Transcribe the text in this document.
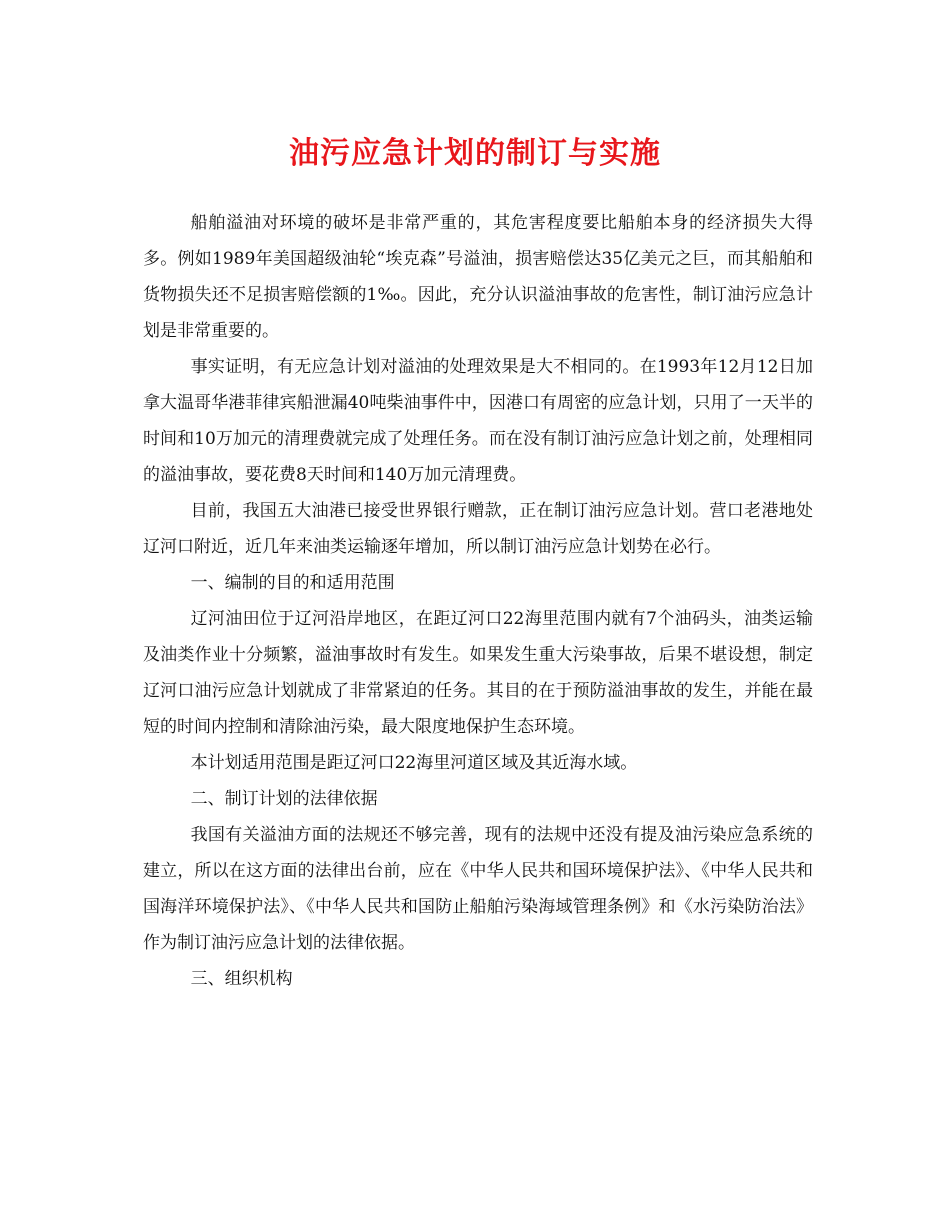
油污应急计划的制订与实施

船舶溢油对环境的破坏是非常严重的，其危害程度要比船舶本身的经济损失大得多。例如1989年美国超级油轮“埃克森”号溢油，损害赔偿达35亿美元之巨，而其船舶和货物损失还不足损害赔偿额的1‰。因此，充分认识溢油事故的危害性，制订油污应急计划是非常重要的。

事实证明，有无应急计划对溢油的处理效果是大不相同的。在1993年12月12日加拿大温哥华港菲律宾船泄漏40吨柴油事件中，因港口有周密的应急计划，只用了一天半的时间和10万加元的清理费就完成了处理任务。而在没有制订油污应急计划之前，处理相同的溢油事故，要花费8天时间和140万加元清理费。

目前，我国五大油港已接受世界银行赠款，正在制订油污应急计划。营口老港地处辽河口附近，近几年来油类运输逐年增加，所以制订油污应急计划势在必行。

一、编制的目的和适用范围

辽河油田位于辽河沿岸地区，在距辽河口22海里范围内就有7个油码头，油类运输及油类作业十分频繁，溢油事故时有发生。如果发生重大污染事故，后果不堪设想，制定辽河口油污应急计划就成了非常紧迫的任务。其目的在于预防溢油事故的发生，并能在最短的时间内控制和清除油污染，最大限度地保护生态环境。

本计划适用范围是距辽河口22海里河道区域及其近海水域。

二、制订计划的法律依据

我国有关溢油方面的法规还不够完善，现有的法规中还没有提及油污染应急系统的建立，所以在这方面的法律出台前，应在《中华人民共和国环境保护法》、《中华人民共和国海洋环境保护法》、《中华人民共和国防止船舶污染海域管理条例》和《水污染防治法》作为制订油污应急计划的法律依据。

三、组织机构
